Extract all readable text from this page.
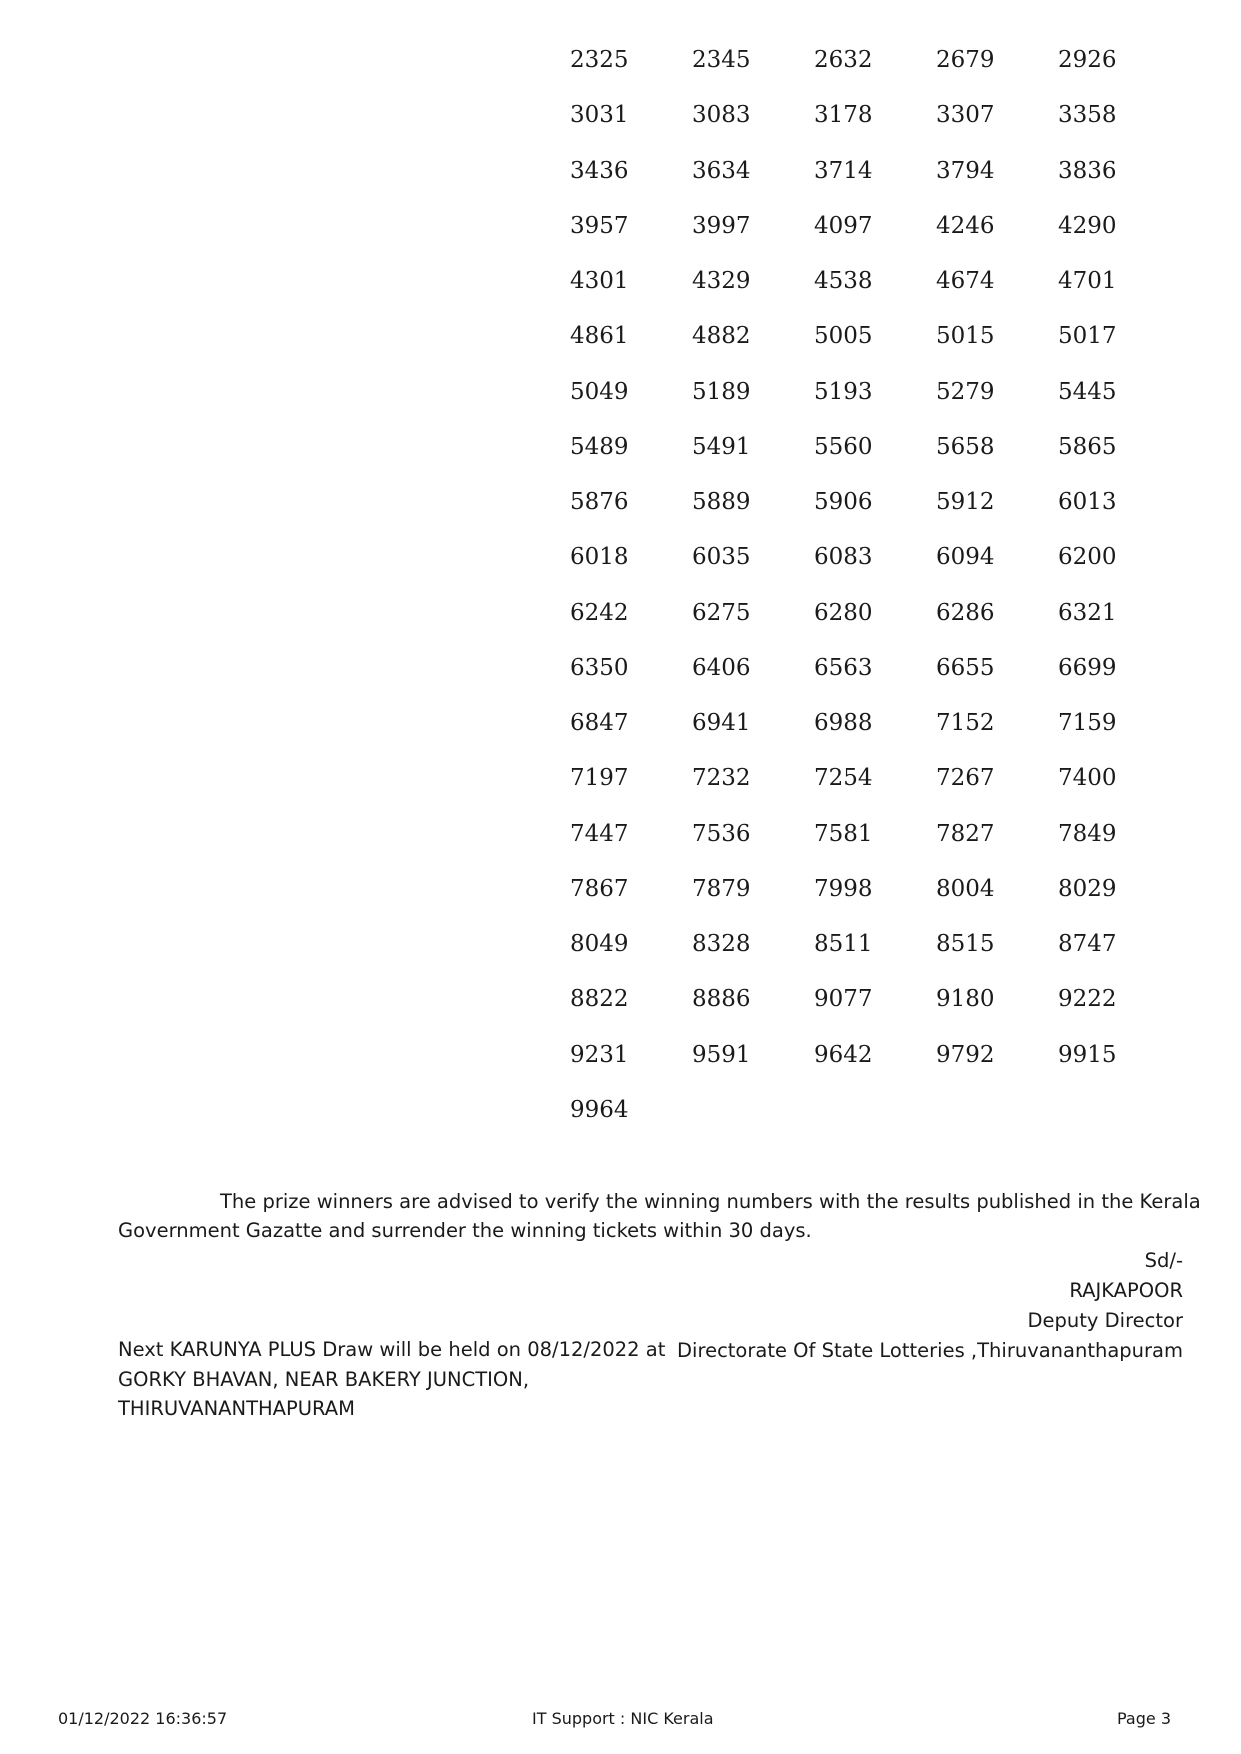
2325	2345	2632	2679	2926
3031	3083	3178	3307	3358
3436	3634	3714	3794	3836
3957	3997	4097	4246	4290
4301	4329	4538	4674	4701
4861	4882	5005	5015	5017
5049	5189	5193	5279	5445
5489	5491	5560	5658	5865
5876	5889	5906	5912	6013
6018	6035	6083	6094	6200
6242	6275	6280	6286	6321
6350	6406	6563	6655	6699
6847	6941	6988	7152	7159
7197	7232	7254	7267	7400
7447	7536	7581	7827	7849
7867	7879	7998	8004	8029
8049	8328	8511	8515	8747
8822	8886	9077	9180	9222
9231	9591	9642	9792	9915
9964
The prize winners are advised to verify the winning numbers with the results published in the Kerala
Government Gazatte and surrender the winning tickets within 30 days.
Sd/-
RAJKAPOOR
Deputy Director
Directorate Of State Lotteries ,Thiruvananthapuram
Next KARUNYA PLUS Draw will be held on 08/12/2022 at
GORKY BHAVAN, NEAR BAKERY JUNCTION,
THIRUVANANTHAPURAM
01/12/2022 16:36:57	IT Support : NIC Kerala	Page 3
